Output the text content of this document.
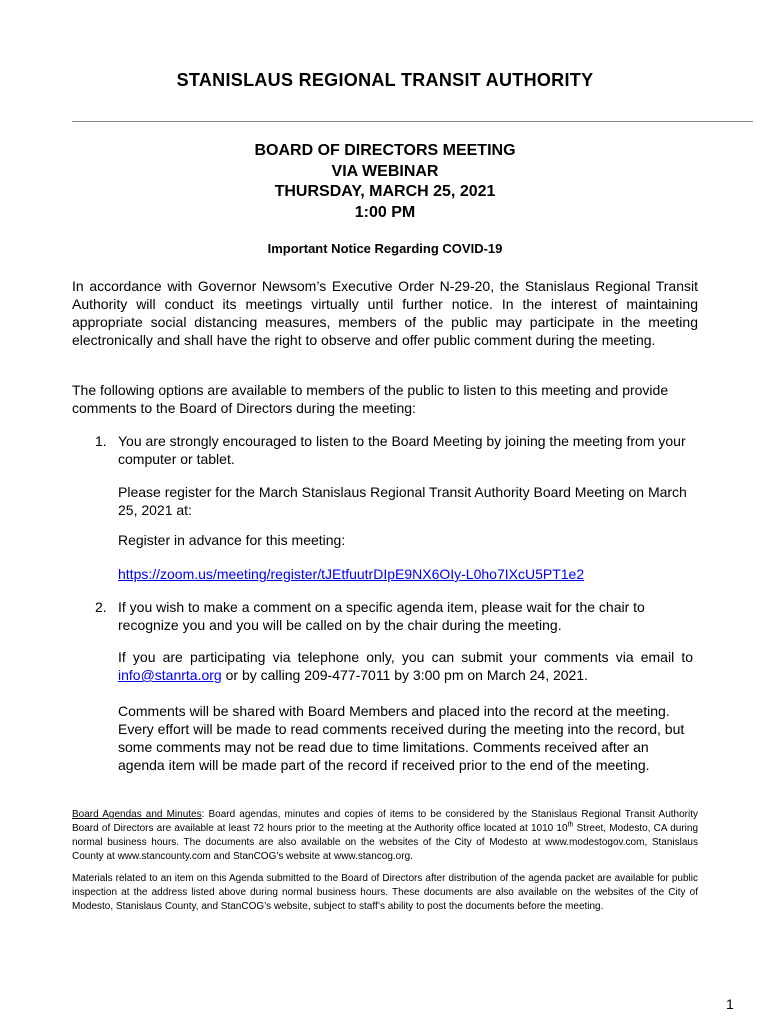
STANISLAUS REGIONAL TRANSIT AUTHORITY
BOARD OF DIRECTORS MEETING
VIA WEBINAR
THURSDAY, MARCH 25, 2021
1:00 PM
Important Notice Regarding COVID-19
In accordance with Governor Newsom’s Executive Order N-29-20, the Stanislaus Regional Transit Authority will conduct its meetings virtually until further notice. In the interest of maintaining appropriate social distancing measures, members of the public may participate in the meeting electronically and shall have the right to observe and offer public comment during the meeting.
The following options are available to members of the public to listen to this meeting and provide comments to the Board of Directors during the meeting:
1. You are strongly encouraged to listen to the Board Meeting by joining the meeting from your computer or tablet.
Please register for the March Stanislaus Regional Transit Authority Board Meeting on March 25, 2021 at:
Register in advance for this meeting:
https://zoom.us/meeting/register/tJEtfuutrDIpE9NX6OIy-L0ho7IXcU5PT1e2
2. If you wish to make a comment on a specific agenda item, please wait for the chair to recognize you and you will be called on by the chair during the meeting.
If you are participating via telephone only, you can submit your comments via email to info@stanrta.org or by calling 209-477-7011 by 3:00 pm on March 24, 2021.
Comments will be shared with Board Members and placed into the record at the meeting. Every effort will be made to read comments received during the meeting into the record, but some comments may not be read due to time limitations. Comments received after an agenda item will be made part of the record if received prior to the end of the meeting.
Board Agendas and Minutes: Board agendas, minutes and copies of items to be considered by the Stanislaus Regional Transit Authority Board of Directors are available at least 72 hours prior to the meeting at the Authority office located at 1010 10th Street, Modesto, CA during normal business hours. The documents are also available on the websites of the City of Modesto at www.modestogov.com, Stanislaus County at www.stancounty.com and StanCOG’s website at www.stancog.org.
Materials related to an item on this Agenda submitted to the Board of Directors after distribution of the agenda packet are available for public inspection at the address listed above during normal business hours. These documents are also available on the websites of the City of Modesto, Stanislaus County, and StanCOG’s website, subject to staff’s ability to post the documents before the meeting.
1
